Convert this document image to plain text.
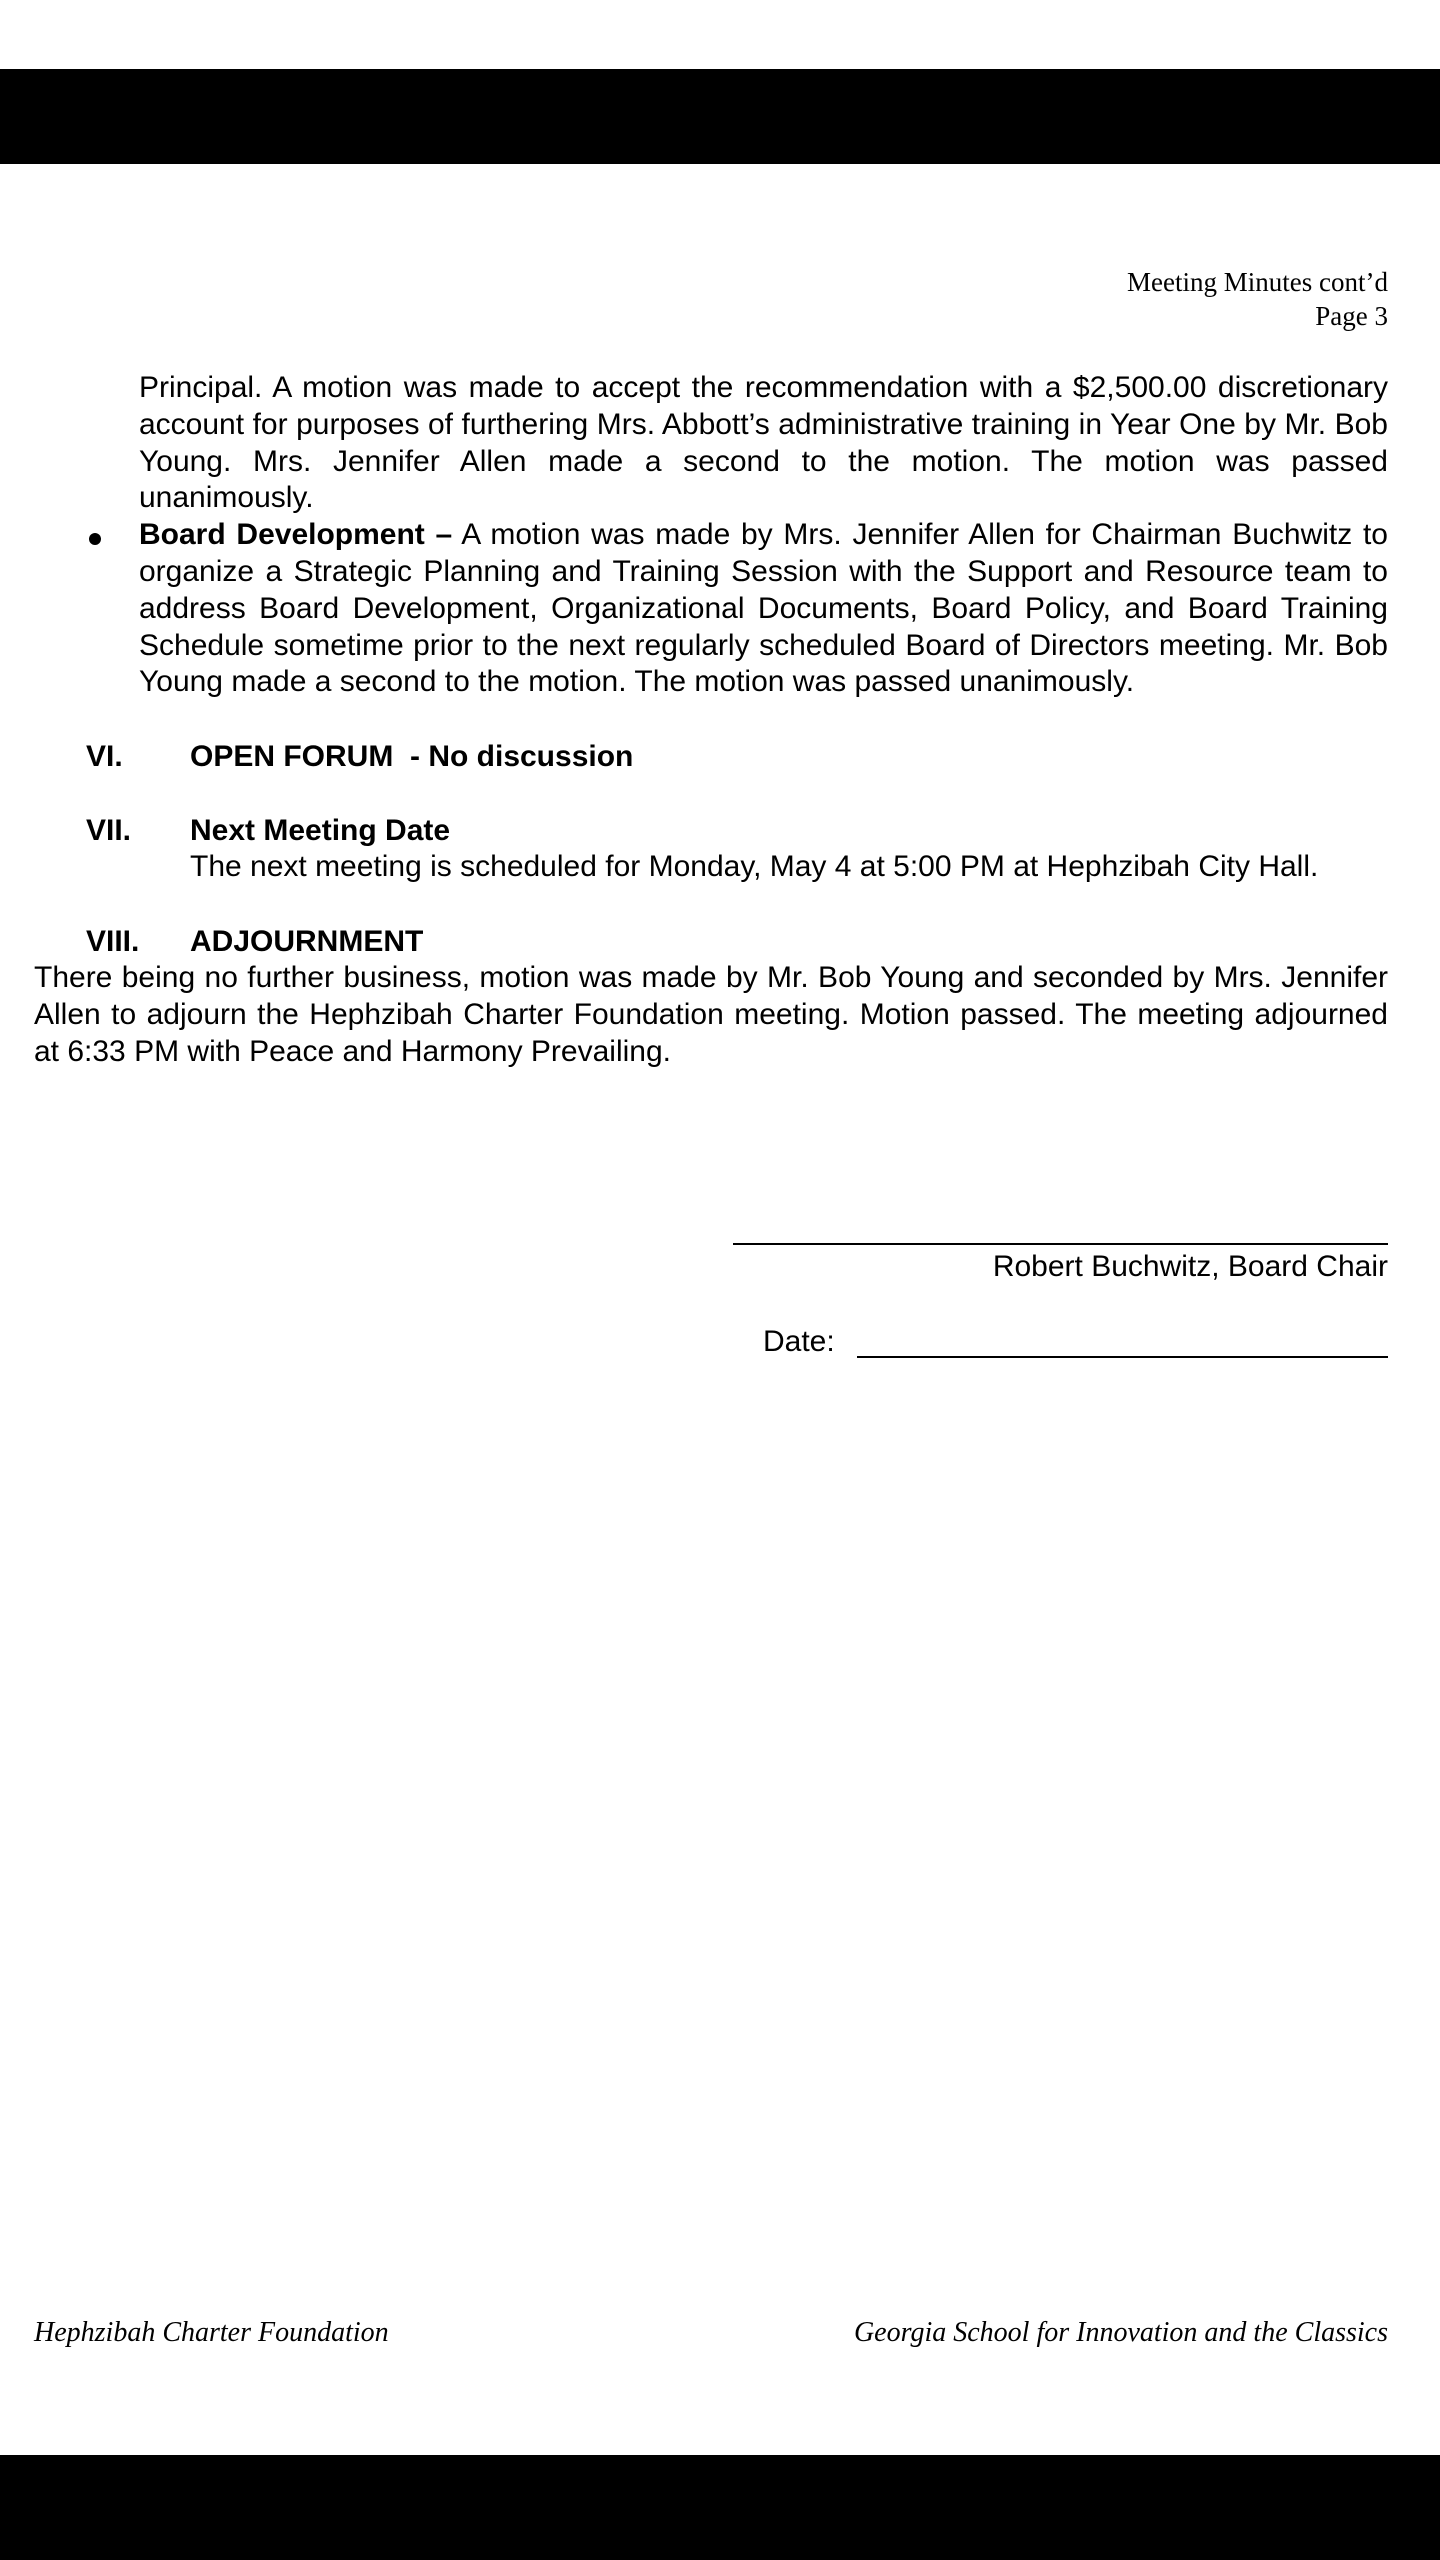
Meeting Minutes cont’d
Page 3
Principal. A motion was made to accept the recommendation with a $2,500.00 discretionary account for purposes of furthering Mrs. Abbott’s administrative training in Year One by Mr. Bob Young. Mrs. Jennifer Allen made a second to the motion. The motion was passed unanimously.
Board Development – A motion was made by Mrs. Jennifer Allen for Chairman Buchwitz to organize a Strategic Planning and Training Session with the Support and Resource team to address Board Development, Organizational Documents, Board Policy, and Board Training Schedule sometime prior to the next regularly scheduled Board of Directors meeting. Mr. Bob Young made a second to the motion. The motion was passed unanimously.
VI. OPEN FORUM  - No discussion
VII. Next Meeting Date
The next meeting is scheduled for Monday, May 4 at 5:00 PM at Hephzibah City Hall.
VIII. ADJOURNMENT
There being no further business, motion was made by Mr. Bob Young and seconded by Mrs. Jennifer Allen to adjourn the Hephzibah Charter Foundation meeting. Motion passed. The meeting adjourned at 6:33 PM with Peace and Harmony Prevailing.
Robert Buchwitz, Board Chair
Date:
Hephzibah Charter Foundation	Georgia School for Innovation and the Classics
